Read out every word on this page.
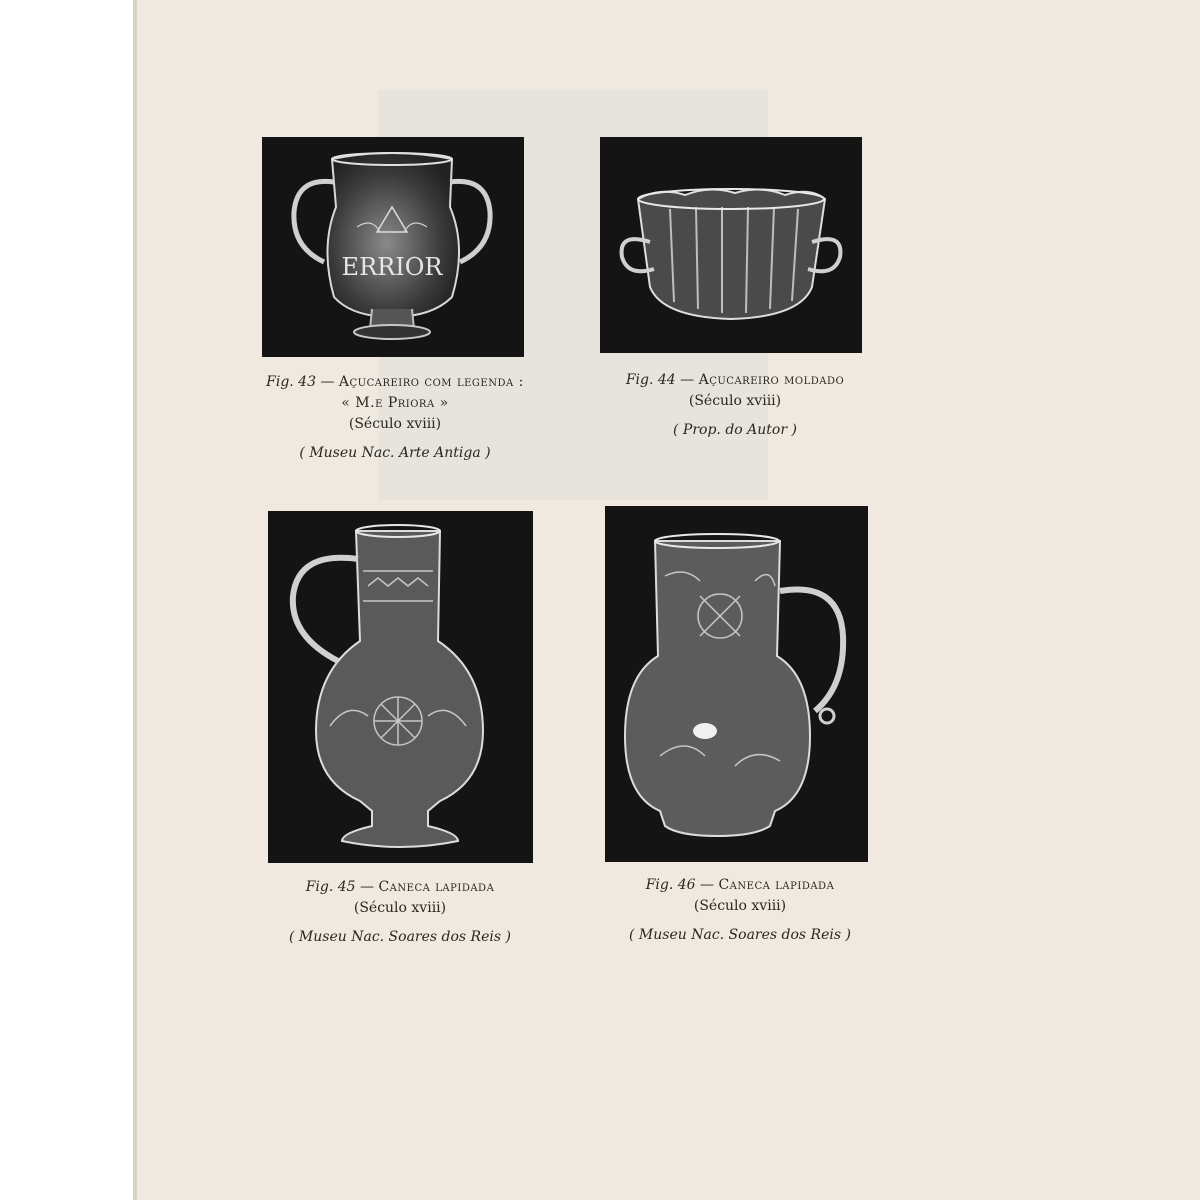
ERRIOR
Fig. 43 — Açucareiro com legenda :
« M.e Priora »
(Século xviii)
( Museu Nac. Arte Antiga )
Fig. 44 — Açucareiro moldado
(Século xviii)
( Prop. do Autor )
Fig. 45 — Caneca lapidada
(Século xviii)
( Museu Nac. Soares dos Reis )
Fig. 46 — Caneca lapidada
(Século xviii)
( Museu Nac. Soares dos Reis )
